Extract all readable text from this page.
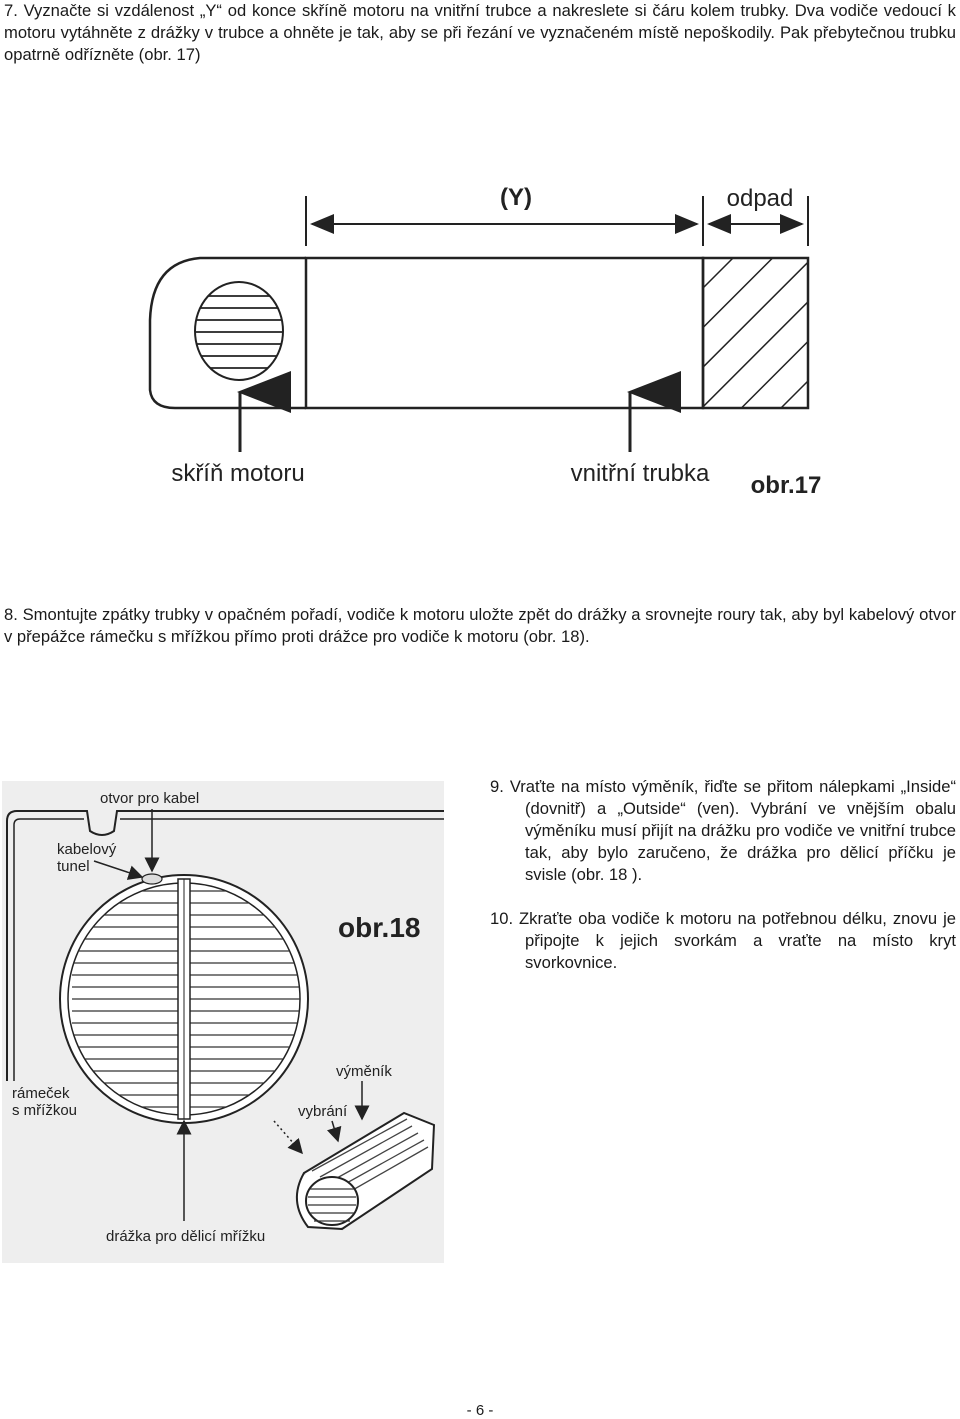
7. Vyznačte si vzdálenost „Y“ od konce skříně motoru na vnitřní trubce a nakreslete si čáru kolem trubky. Dva vodiče vedoucí k motoru vytáhněte z drážky v trubce a ohněte je tak, aby se při řezání ve vyznačeném místě nepoškodily. Pak přebytečnou trubku opatrně odřízněte (obr. 17)

(Y)	odpad
skříň motoru	vnitřní trubka obr.17

8. Smontujte zpátky trubky v opačném pořadí, vodiče k motoru uložte zpět do drážky a srovnejte roury tak, aby byl kabelový otvor v přepážce rámečku s mřížkou přímo proti drážce pro vodiče k motoru (obr. 18).

otvor pro kabel
kabelový
tunel
obr.18
výměník
rámeček
s mřížkou	vybrání
drážka pro dělicí mřížku

9. Vraťte na místo výměník, řiďte se přitom nálepkami „Inside“ (dovnitř) a „Outside“ (ven). Vybrání ve vnějším obalu výměníku musí přijít na drážku pro vodiče ve vnitřní trubce tak, aby bylo zaručeno, že drážka pro dělicí příčku je svisle (obr. 18 ).

10. Zkraťte oba vodiče k motoru na potřebnou délku, znovu je připojte k jejich svorkám a vraťte na místo kryt svorkovnice.

- 6 -
